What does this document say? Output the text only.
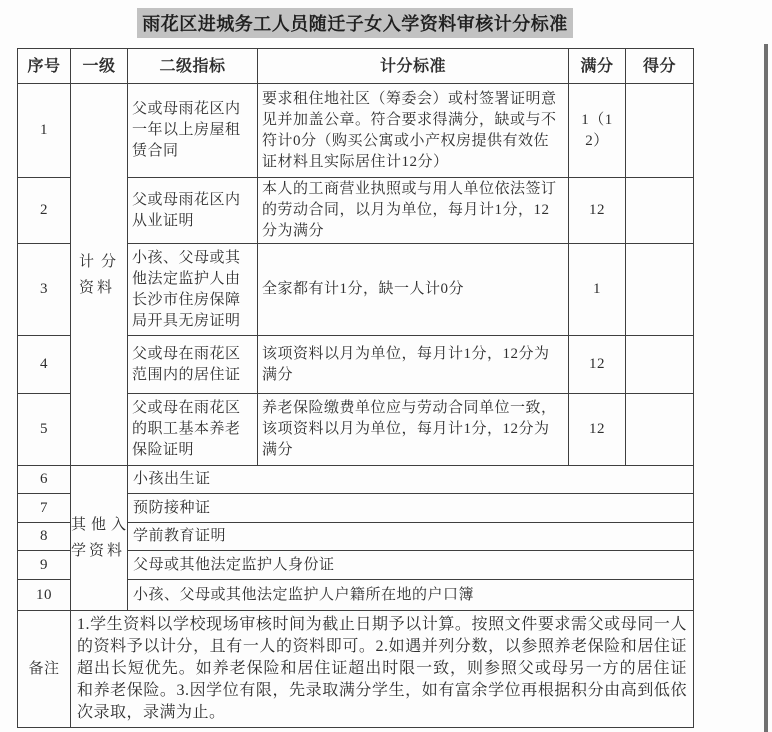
雨花区进城务工人员随迁子女入学资料审核计分标准
序号	一级	二级指标	计分标准	满分	得分
1	计分资料	父或母雨花区内一年以上房屋租赁合同	要求租住地社区（筹委会）或村签署证明意见并加盖公章。符合要求得满分，缺或与不符计0分（购买公寓或小产权房提供有效佐证材料且实际居住计12分）	1（12）	
2		父或母雨花区内从业证明	本人的工商营业执照或与用人单位依法签订的劳动合同，以月为单位，每月计1分，12分为满分	12	
3		小孩、父母或其他法定监护人由长沙市住房保障局开具无房证明	全家都有计1分，缺一人计0分	1	
4		父或母在雨花区范围内的居住证	该项资料以月为单位，每月计1分，12分为满分	12	
5		父或母在雨花区的职工基本养老保险证明	养老保险缴费单位应与劳动合同单位一致，该项资料以月为单位，每月计1分，12分为满分	12	
6	其他入学资料	小孩出生证			
7		预防接种证			
8		学前教育证明			
9		父母或其他法定监护人身份证			
10		小孩、父母或其他法定监护人户籍所在地的户口簿			
备注	1.学生资料以学校现场审核时间为截止日期予以计算。按照文件要求需父或母同一人的资料予以计分，且有一人的资料即可。2.如遇并列分数，以参照养老保险和居住证超出长短优先。如养老保险和居住证超出时限一致，则参照父或母另一方的居住证和养老保险。3.因学位有限，先录取满分学生，如有富余学位再根据积分由高到低依次录取，录满为止。				
